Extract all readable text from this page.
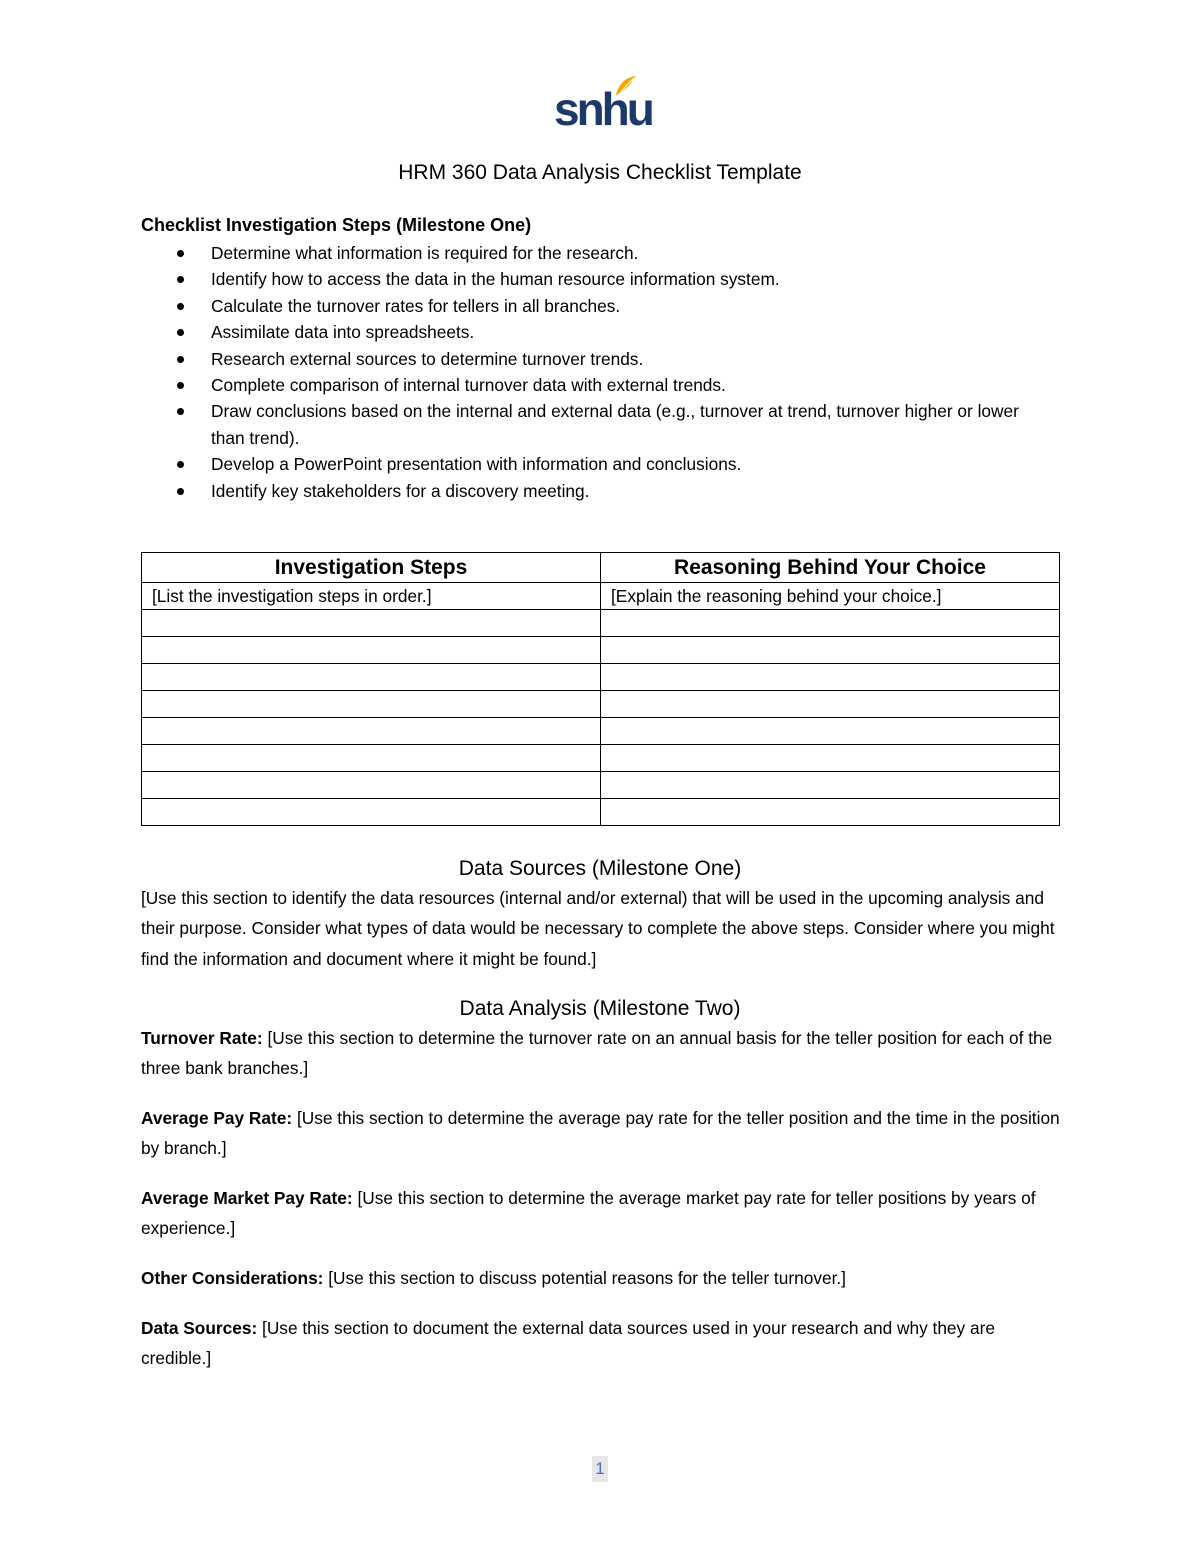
snhu
HRM 360 Data Analysis Checklist Template
Checklist Investigation Steps (Milestone One)
Determine what information is required for the research.
Identify how to access the data in the human resource information system.
Calculate the turnover rates for tellers in all branches.
Assimilate data into spreadsheets.
Research external sources to determine turnover trends.
Complete comparison of internal turnover data with external trends.
Draw conclusions based on the internal and external data (e.g., turnover at trend, turnover higher or lower than trend).
Develop a PowerPoint presentation with information and conclusions.
Identify key stakeholders for a discovery meeting.
Investigation Steps	Reasoning Behind Your Choice
[List the investigation steps in order.]	[Explain the reasoning behind your choice.]

Data Sources (Milestone One)

[Use this section to identify the data resources (internal and/or external) that will be used in the upcoming analysis and their purpose. Consider what types of data would be necessary to complete the above steps. Consider where you might find the information and document where it might be found.]

Data Analysis (Milestone Two)

Turnover Rate: [Use this section to determine the turnover rate on an annual basis for the teller position for each of the three bank branches.]

Average Pay Rate: [Use this section to determine the average pay rate for the teller position and the time in the position by branch.]

Average Market Pay Rate: [Use this section to determine the average market pay rate for teller positions by years of experience.]

Other Considerations: [Use this section to discuss potential reasons for the teller turnover.]

Data Sources: [Use this section to document the external data sources used in your research and why they are credible.]

1
